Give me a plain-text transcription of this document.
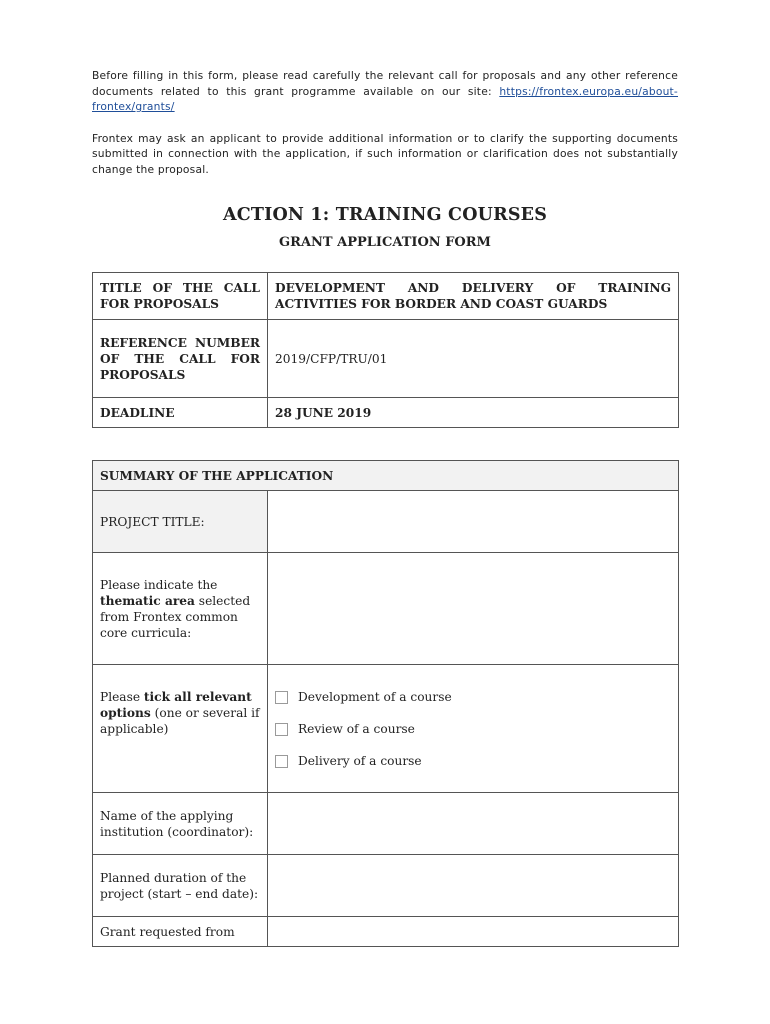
Before filling in this form, please read carefully the relevant call for proposals and any other reference documents related to this grant programme available on our site: https://frontex.europa.eu/about-frontex/grants/

Frontex may ask an applicant to provide additional information or to clarify the supporting documents submitted in connection with the application, if such information or clarification does not substantially change the proposal.

ACTION 1: TRAINING COURSES
GRANT APPLICATION FORM
TITLE OF THE CALL FOR PROPOSALS	DEVELOPMENT AND DELIVERY OF TRAINING ACTIVITIES FOR BORDER AND COAST GUARDS
REFERENCE NUMBER OF THE CALL FOR PROPOSALS	2019/CFP/TRU/01
DEADLINE	28 JUNE 2019
SUMMARY OF THE APPLICATION	
PROJECT TITLE:	
Please indicate the thematic area selected from Frontex common core curricula:	
Please tick all relevant options (one or several if applicable)	Development of a course
Review of a course
Delivery of a course

Name of the applying institution (coordinator):	
Planned duration of the project (start – end date):	
Grant requested from	
